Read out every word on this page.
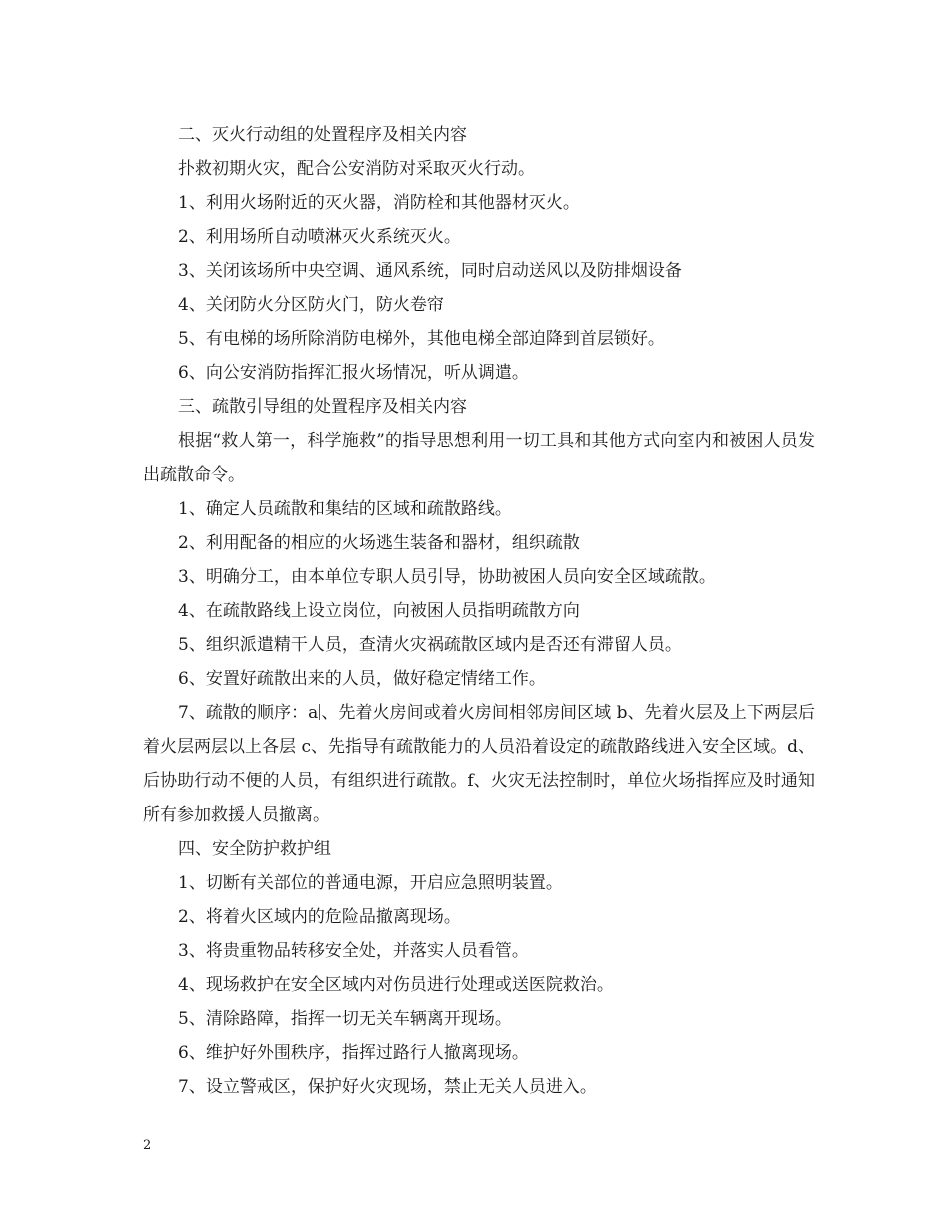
二、灭火行动组的处置程序及相关内容
扑救初期火灾，配合公安消防对采取灭火行动。
1、利用火场附近的灭火器，消防栓和其他器材灭火。
2、利用场所自动喷淋灭火系统灭火。
3、关闭该场所中央空调、通风系统，同时启动送风以及防排烟设备
4、关闭防火分区防火门，防火卷帘
5、有电梯的场所除消防电梯外，其他电梯全部迫降到首层锁好。
6、向公安消防指挥汇报火场情况，听从调遣。
三、疏散引导组的处置程序及相关内容
根据“救人第一，科学施救”的指导思想利用一切工具和其他方式向室内和被困人员发出疏散命令。
1、确定人员疏散和集结的区域和疏散路线。
2、利用配备的相应的火场逃生装备和器材，组织疏散
3、明确分工，由本单位专职人员引导，协助被困人员向安全区域疏散。
4、在疏散路线上设立岗位，向被困人员指明疏散方向
5、组织派遣精干人员，查清火灾祸疏散区域内是否还有滞留人员。
6、安置好疏散出来的人员，做好稳定情绪工作。
7、疏散的顺序：a 、先着火房间或着火房间相邻房间区域 b、先着火层及上下两层后着火层两层以上各层 c、先指导有疏散能力的人员沿着设定的疏散路线进入安全区域。d、后协助行动不便的人员，有组织进行疏散。f、火灾无法控制时，单位火场指挥应及时通知所有参加救援人员撤离。
四、安全防护救护组
1、切断有关部位的普通电源，开启应急照明装置。
2、将着火区域内的危险品撤离现场。
3、将贵重物品转移安全处，并落实人员看管。
4、现场救护在安全区域内对伤员进行处理或送医院救治。
5、清除路障，指挥一切无关车辆离开现场。
6、维护好外围秩序，指挥过路行人撤离现场。
7、设立警戒区，保护好火灾现场，禁止无关人员进入。
2
